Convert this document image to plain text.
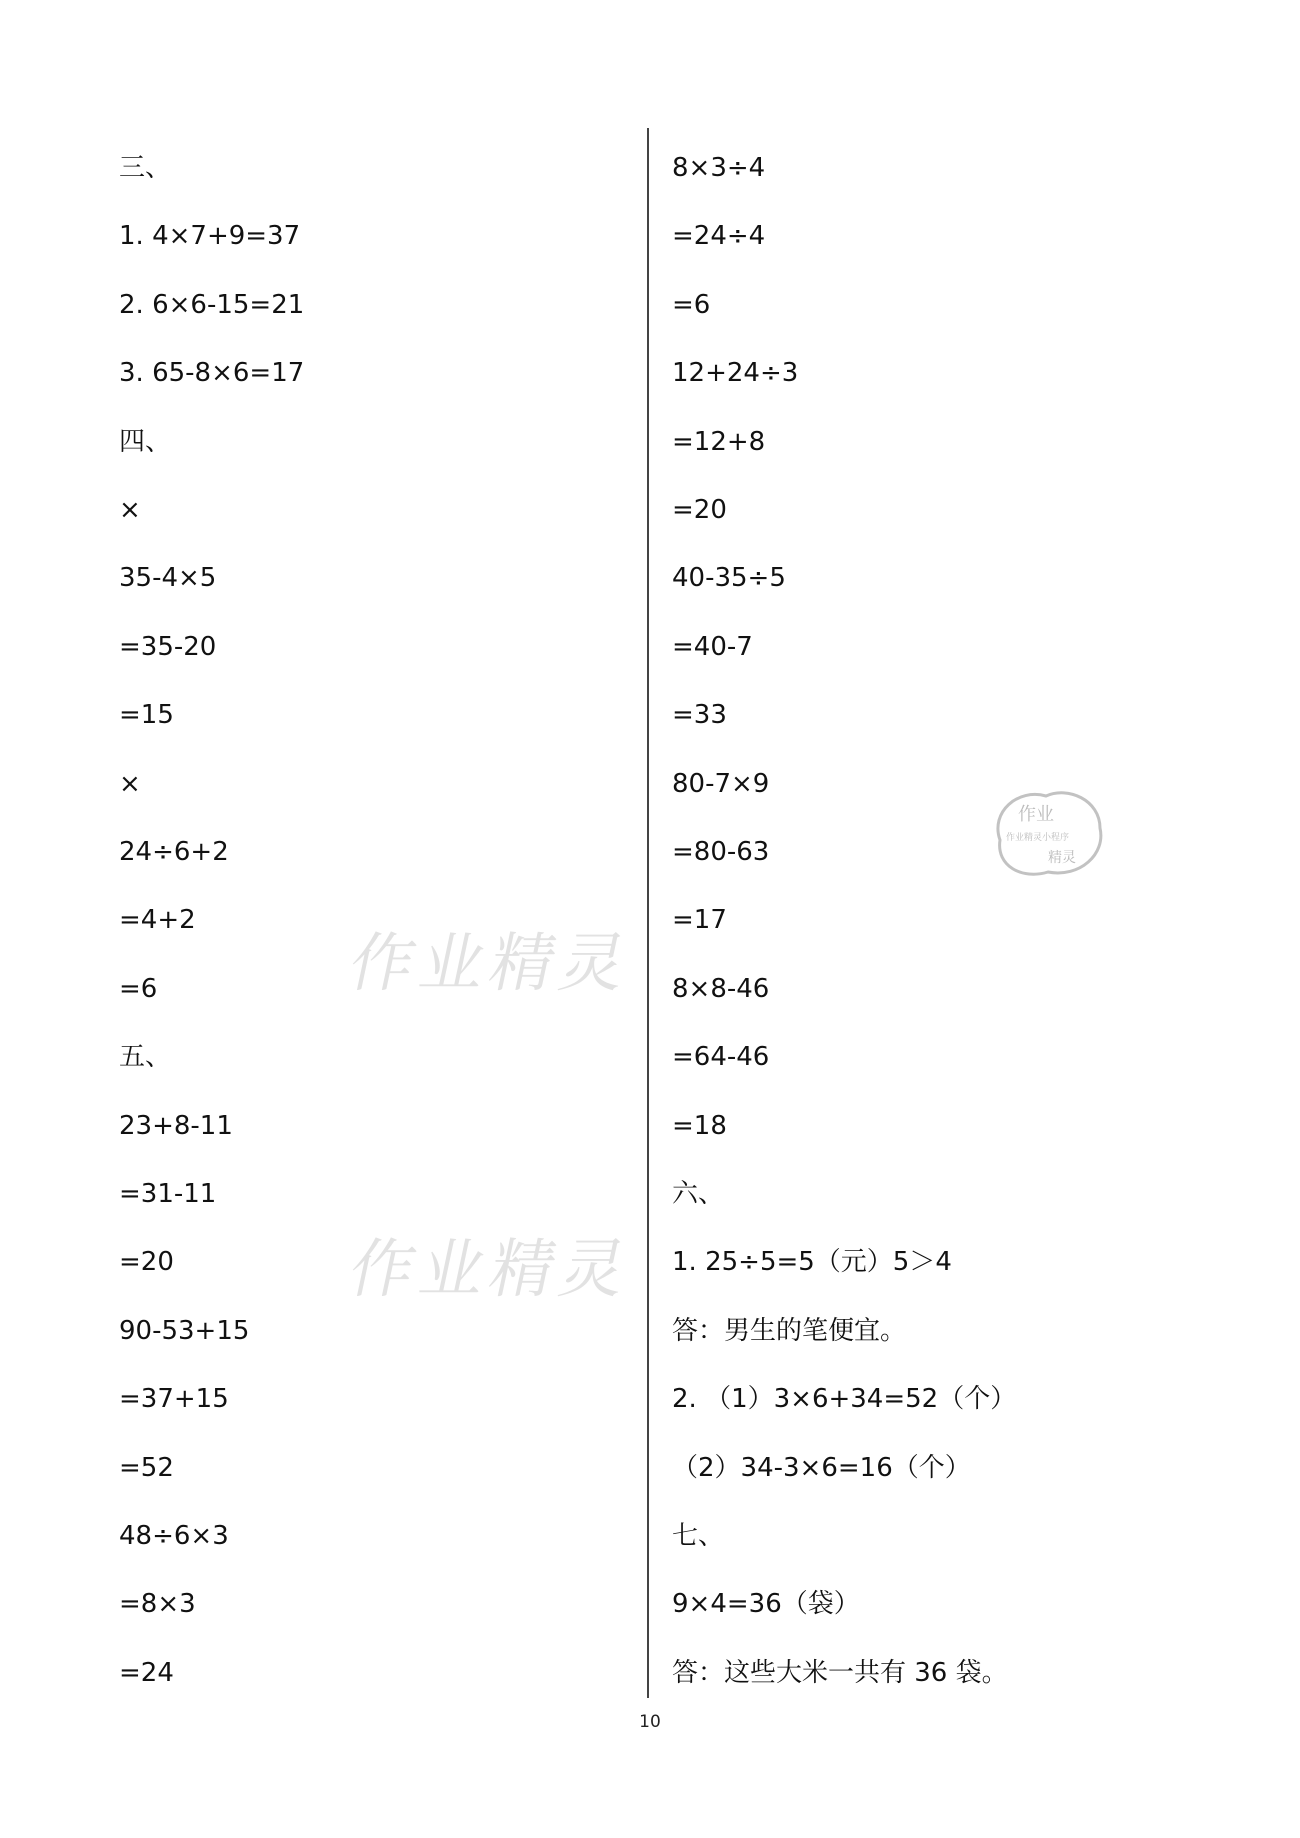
三、
1. 4×7+9=37
2. 6×6-15=21
3. 65-8×6=17
四、
×
35-4×5
=35-20
=15
×
24÷6+2
=4+2
=6
五、
23+8-11
=31-11
=20
90-53+15
=37+15
=52
48÷6×3
=8×3
=24
8×3÷4
=24÷4
=6
12+24÷3
=12+8
=20
40-35÷5
=40-7
=33
80-7×9
=80-63
=17
8×8-46
=64-46
=18
六、
1. 25÷5=5（元）5＞4
答：男生的笔便宜。
2. （1）3×6+34=52（个）
（2）34-3×6=16（个）
七、
9×4=36（袋）
答：这些大米一共有 36 袋。
作业精灵
作业精灵
作业
作业精灵小程序
精灵
10
